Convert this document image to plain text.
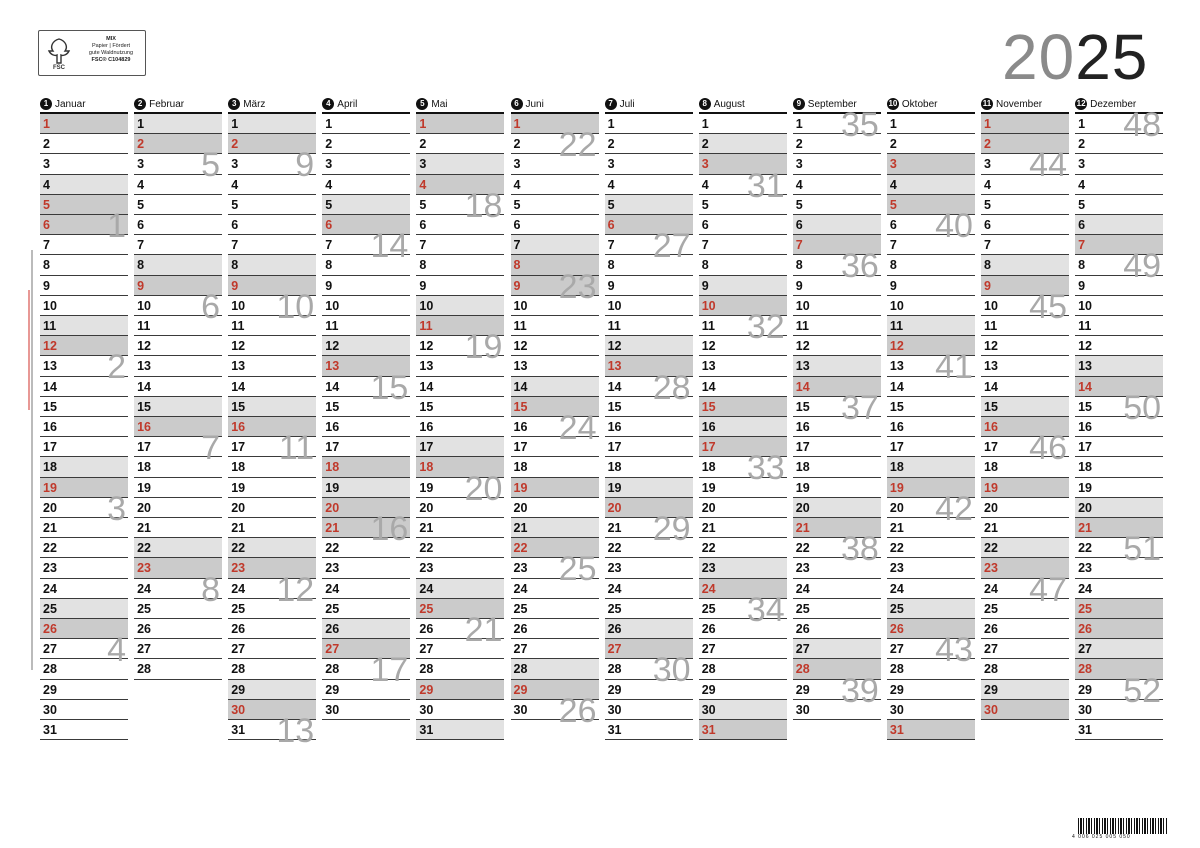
FSC
MIX
Papier | Fördert
gute Waldnutzung
FSC® C104829	2025
1 Januar
1
2
3
4
5
6 1
7
8
9
10
11
12
13 2
14
15
16
17
18
19
20 3
21
22
23
24
25
26
27 4
28
29
30
31
2 Februar
1
2
3 5
4
5
6
7
8
9
10 6
11
12
13
14
15
16
17 7
18
19
20
21
22
23
24 8
25
26
27
28
3 März
1
2
3 9
4
5
6
7
8
9
10 10
11
12
13
14
15
16
17 11
18
19
20
21
22
23
24 12
25
26
27
28
29
30
31 13
4 April
1
2
3
4
5
6
7 14
8
9
10
11
12
13
14 15
15
16
17
18
19
20
21 16
22
23
24
25
26
27
28 17
29
30
5 Mai
1
2
3
4
5 18
6
7
8
9
10
11
12 19
13
14
15
16
17
18
19 20
20
21
22
23
24
25
26 21
27
28
29
30
31
6 Juni
1
2 22
3
4
5
6
7
8
9 23
10
11
12
13
14
15
16 24
17
18
19
20
21
22
23 25
24
25
26
27
28
29
30 26
7 Juli
1
2
3
4
5
6
7 27
8
9
10
11
12
13
14 28
15
16
17
18
19
20
21 29
22
23
24
25
26
27
28 30
29
30
31
8 August
1
2
3
4 31
5
6
7
8
9
10
11 32
12
13
14
15
16
17
18 33
19
20
21
22
23
24
25 34
26
27
28
29
30
31
9 September
1 35
2
3
4
5
6
7
8 36
9
10
11
12
13
14
15 37
16
17
18
19
20
21
22 38
23
24
25
26
27
28
29 39
30
10 Oktober
1
2
3
4
5
6 40
7
8
9
10
11
12
13 41
14
15
16
17
18
19
20 42
21
22
23
24
25
26
27 43
28
29
30
31
11 November
1
2
3 44
4
5
6
7
8
9
10 45
11
12
13
14
15
16
17 46
18
19
20
21
22
23
24 47
25
26
27
28
29
30
12 Dezember
1 48
2
3
4
5
6
7
8 49
9
10
11
12
13
14
15 50
16
17
18
19
20
21
22 51
23
24
25
26
27
28
29 52
30
31
4 006 025 005 050
